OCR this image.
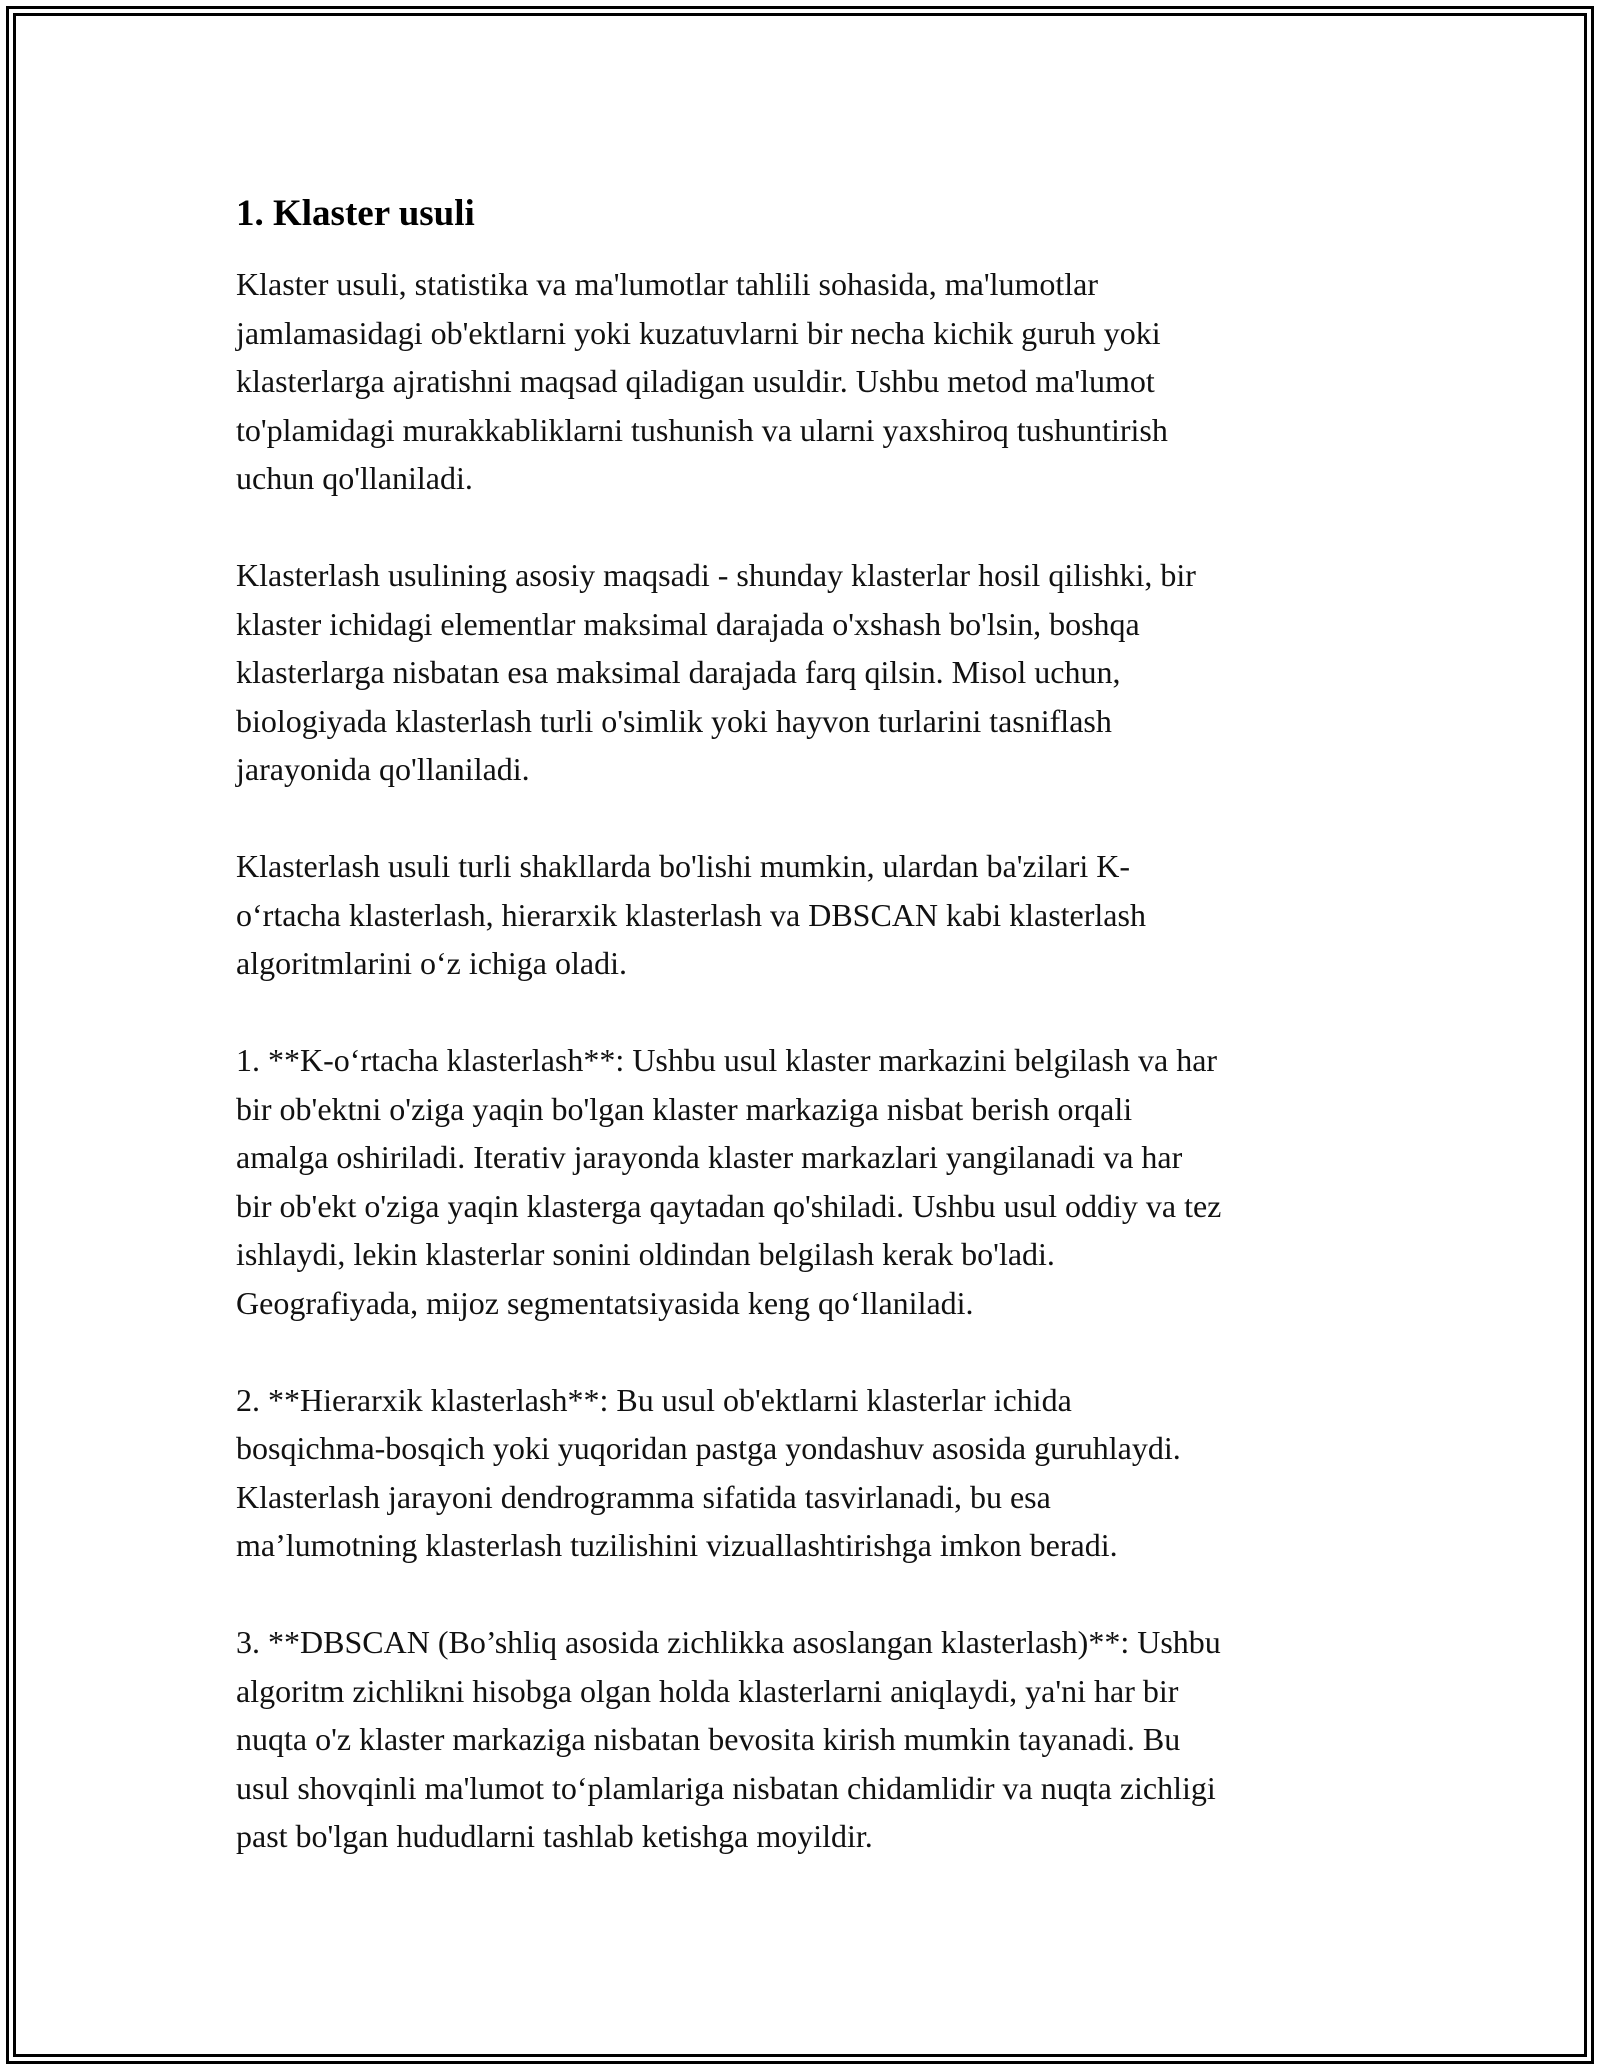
1. Klaster usuli

Klaster usuli, statistika va ma'lumotlar tahlili sohasida, ma'lumotlar
jamlamasidagi ob'ektlarni yoki kuzatuvlarni bir necha kichik guruh yoki
klasterlarga ajratishni maqsad qiladigan usuldir. Ushbu metod ma'lumot
to'plamidagi murakkabliklarni tushunish va ularni yaxshiroq tushuntirish
uchun qo'llaniladi.

Klasterlash usulining asosiy maqsadi - shunday klasterlar hosil qilishki, bir
klaster ichidagi elementlar maksimal darajada o'xshash bo'lsin, boshqa
klasterlarga nisbatan esa maksimal darajada farq qilsin. Misol uchun,
biologiyada klasterlash turli o'simlik yoki hayvon turlarini tasniflash
jarayonida qo'llaniladi.

Klasterlash usuli turli shakllarda bo'lishi mumkin, ulardan ba'zilari K-
o‘rtacha klasterlash, hierarxik klasterlash va DBSCAN kabi klasterlash
algoritmlarini o‘z ichiga oladi.

1. **K-o‘rtacha klasterlash**: Ushbu usul klaster markazini belgilash va har
bir ob'ektni o'ziga yaqin bo'lgan klaster markaziga nisbat berish orqali
amalga oshiriladi. Iterativ jarayonda klaster markazlari yangilanadi va har
bir ob'ekt o'ziga yaqin klasterga qaytadan qo'shiladi. Ushbu usul oddiy va tez
ishlaydi, lekin klasterlar sonini oldindan belgilash kerak bo'ladi.
Geografiyada, mijoz segmentatsiyasida keng qo‘llaniladi.

2. **Hierarxik klasterlash**: Bu usul ob'ektlarni klasterlar ichida
bosqichma-bosqich yoki yuqoridan pastga yondashuv asosida guruhlaydi.
Klasterlash jarayoni dendrogramma sifatida tasvirlanadi, bu esa
ma’lumotning klasterlash tuzilishini vizuallashtirishga imkon beradi.

3. **DBSCAN (Bo’shliq asosida zichlikka asoslangan klasterlash)**: Ushbu
algoritm zichlikni hisobga olgan holda klasterlarni aniqlaydi, ya'ni har bir
nuqta o'z klaster markaziga nisbatan bevosita kirish mumkin tayanadi. Bu
usul shovqinli ma'lumot to‘plamlariga nisbatan chidamlidir va nuqta zichligi
past bo'lgan hududlarni tashlab ketishga moyildir.
